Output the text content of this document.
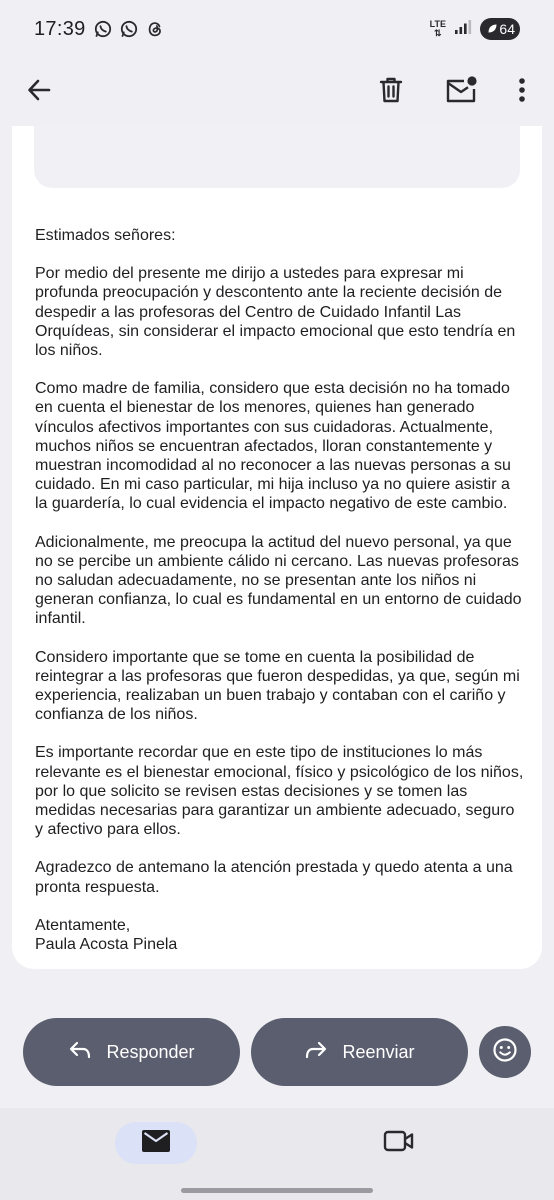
17:39	LTE
⇅	64

Estimados señores:

Por medio del presente me dirijo a ustedes para expresar mi profunda preocupación y descontento ante la reciente decisión de despedir a las profesoras del Centro de Cuidado Infantil Las Orquídeas, sin considerar el impacto emocional que esto tendría en los niños.

Como madre de familia, considero que esta decisión no ha tomado en cuenta el bienestar de los menores, quienes han generado vínculos afectivos importantes con sus cuidadoras. Actualmente, muchos niños se encuentran afectados, lloran constantemente y muestran incomodidad al no reconocer a las nuevas personas a su cuidado. En mi caso particular, mi hija incluso ya no quiere asistir a la guardería, lo cual evidencia el impacto negativo de este cambio.

Adicionalmente, me preocupa la actitud del nuevo personal, ya que no se percibe un ambiente cálido ni cercano. Las nuevas profesoras no saludan adecuadamente, no se presentan ante los niños ni generan confianza, lo cual es fundamental en un entorno de cuidado infantil.

Considero importante que se tome en cuenta la posibilidad de reintegrar a las profesoras que fueron despedidas, ya que, según mi experiencia, realizaban un buen trabajo y contaban con el cariño y confianza de los niños.

Es importante recordar que en este tipo de instituciones lo más relevante es el bienestar emocional, físico y psicológico de los niños, por lo que solicito se revisen estas decisiones y se tomen las medidas necesarias para garantizar un ambiente adecuado, seguro y afectivo para ellos.

Agradezco de antemano la atención prestada y quedo atenta a una pronta respuesta.

Atentamente,

Paula Acosta Pinela

Responder	Reenviar
